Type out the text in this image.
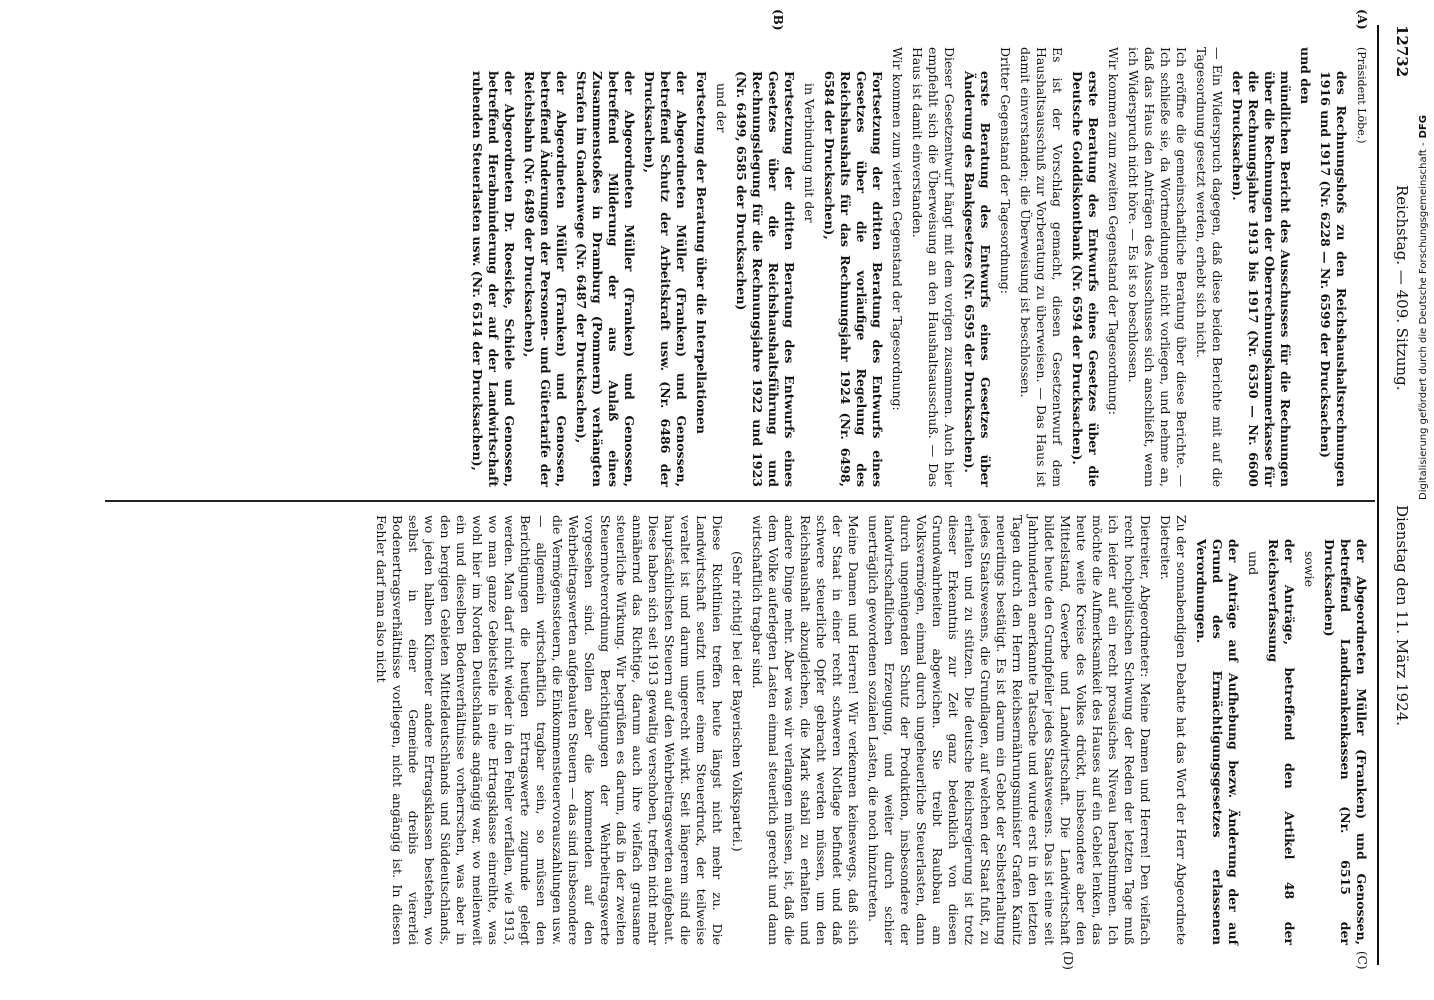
12732
Reichstag. — 409. Sitzung.
Dienstag den 11. März 1924.
(A)
(B)
(C)
(D)

(Präsident Löbe.)

des Rechnungshofs zu den Reichshaushaltsrechnungen 1916 und 1917 (Nr. 6228 — Nr. 6599 der Drucksachen)

und den

mündlichen Bericht des Ausschusses für die Rechnungen über die Rechnungen der Oberrechnungskammerkasse für die Rechnungsjahre 1913 bis 1917 (Nr. 6350 — Nr. 6600 der Drucksachen).

— Ein Widerspruch dagegen, daß diese beiden Berichte mit auf die Tagesordnung gesetzt werden, erhebt sich nicht.

Ich eröffne die gemeinschaftliche Beratung über diese Berichte. — Ich schließe sie, da Wortmeldungen nicht vorliegen, und nehme an, daß das Haus den Anträgen des Ausschusses sich anschließt, wenn ich Widerspruch nicht höre. — Es ist so beschlossen.

Wir kommen zum zweiten Gegenstand der Tagesordnung:

erste Beratung des Entwurfs eines Gesetzes über die Deutsche Golddiskontbank (Nr. 6594 der Drucksachen).

Es ist der Vorschlag gemacht, diesen Gesetzentwurf dem Haushaltsausschuß zur Vorberatung zu überweisen. — Das Haus ist damit einverstanden; die Überweisung ist beschlossen.

Dritter Gegenstand der Tagesordnung:

erste Beratung des Entwurfs eines Gesetzes über Änderung des Bankgesetzes (Nr. 6595 der Drucksachen).

Dieser Gesetzentwurf hängt mit dem vorigen zusammen. Auch hier empfiehlt sich die Überweisung an den Haushaltsausschuß. — Das Haus ist damit einverstanden.

Wir kommen zum vierten Gegenstand der Tagesordnung:

Fortsetzung der dritten Beratung des Entwurfs eines Gesetzes über die vorläufige Regelung des Reichshaushalts für das Rechnungsjahr 1924 (Nr. 6498, 6584 der Drucksachen),

in Verbindung mit der

Fortsetzung der dritten Beratung des Entwurfs eines Gesetzes über die Reichshaushaltsführung und Rechnungslegung für die Rechnungsjahre 1922 und 1923 (Nr. 6499, 6585 der Drucksachen)

und der

Fortsetzung der Beratung über die Interpellationen

der Abgeordneten Müller (Franken) und Genossen, betreffend Schutz der Arbeitskraft usw. (Nr. 6486 der Drucksachen),

der Abgeordneten Müller (Franken) und Genossen, betreffend Milderung der aus Anlaß eines Zusammenstoßes in Dramburg (Pommern) verhängten Strafen im Gnadenwege (Nr. 6487 der Drucksachen),

der Abgeordneten Müller (Franken) und Genossen, betreffend Änderungen der Personen- und Gütertarife der Reichsbahn (Nr. 6489 der Drucksachen),

der Abgeordneten Dr. Roesicke, Schiele und Genossen, betreffend Herabminderung der auf der Landwirtschaft ruhenden Steuerlasten usw. (Nr. 6514 der Drucksachen),

der Abgeordneten Müller (Franken) und Genossen, betreffend Landkrankenkassen (Nr. 6515 der Drucksachen)

sowie

der Anträge, betreffend den Artikel 48 der Reichsverfassung

und

der Anträge auf Aufhebung bezw. Änderung der auf Grund des Ermächtigungsgesetzes erlassenen Verordnungen.

Zu der sonnabendigen Debatte hat das Wort der Herr Abgeordnete Dietreiter.

Dietreiter, Abgeordneter: Meine Damen und Herren! Den vielfach recht hochpolitischen Schwung der Reden der letzten Tage muß ich leider auf ein recht prosaisches Niveau herabstimmen. Ich möchte die Aufmerksamkeit des Hauses auf ein Gebiet lenken, das heute weite Kreise des Volkes drückt, insbesondere aber den Mittelstand, Gewerbe und Landwirtschaft. Die Landwirtschaft bildet heute den Grundpfeiler jedes Staatswesens. Das ist eine seit Jahrhunderten anerkannte Tatsache und wurde erst in den letzten Tagen durch den Herrn Reichsernährungsminister Grafen Kanitz neuerdings bestätigt. Es ist darum ein Gebot der Selbsterhaltung jedes Staatswesens, die Grundlagen, auf welchen der Staat fußt, zu erhalten und zu stützen. Die deutsche Reichsregierung ist trotz dieser Erkenntnis zur Zeit ganz bedenklich von diesen Grundwahrheiten abgewichen. Sie treibt Raubbau am Volksvermögen, einmal durch ungeheuerliche Steuerlasten, dann durch ungenügenden Schutz der Produktion, insbesondere der landwirtschaftlichen Erzeugung, und weiter durch schier unerträglich gewordenen sozialen Lasten, die noch hinzutreten.

Meine Damen und Herren! Wir verkennen keineswegs, daß sich der Staat in einer recht schweren Notlage befindet und daß schwere steuerliche Opfer gebracht werden müssen, um den Reichshaushalt abzugleichen, die Mark stabil zu erhalten und andere Dinge mehr. Aber was wir verlangen müssen, ist, daß die dem Volke auferlegten Lasten einmal steuerlich gerecht und dann wirtschaftlich tragbar sind.

(Sehr richtig! bei der Bayerischen Volkspartei.)

Diese Richtlinien treffen heute längst nicht mehr zu. Die Landwirtschaft seufzt unter einem Steuerdruck, der teilweise veraltet ist und darum ungerecht wirkt. Seit längerem sind die hauptsächlichsten Steuern auf den Wehrbeitragswerten aufgebaut. Diese haben sich seit 1913 gewaltig verschoben, treffen nicht mehr annähernd das Richtige, darum auch ihre vielfach grausame steuerliche Wirkung. Wir begrüßen es darum, daß in der zweiten Steuernotverordnung Berichtigungen der Wehrbeitragswerte vorgesehen sind. Sollen aber die kommenden auf den Wehrbeitragswerten aufgebauten Steuern — das sind insbesondere die Vermögenssteuern, die Einkommensteuervorauszahlungen usw. — allgemein wirtschaftlich tragbar sein, so müssen den Berichtigungen die heutigen Ertragswerte zugrunde gelegt werden. Man darf nicht wieder in den Fehler verfallen, wie 1913, wo man ganze Gebietsteile in eine Ertragsklasse einreihte, was wohl hier im Norden Deutschlands angängig war, wo meilenweit ein und dieselben Bodenverhältnisse vorherrschen, was aber in den bergigen Gebieten Mitteldeutschlands und Süddeutschlands, wo jeden halben Kilometer andere Ertragsklassen bestehen, wo selbst in einer Gemeinde dreibis viererlei Bodenertragsverhältnisse vorliegen, nicht angängig ist. In diesen Fehler darf man also nicht

Digitalisierung gefördert durch die Deutsche Forschungsgemeinschaft -DFG
